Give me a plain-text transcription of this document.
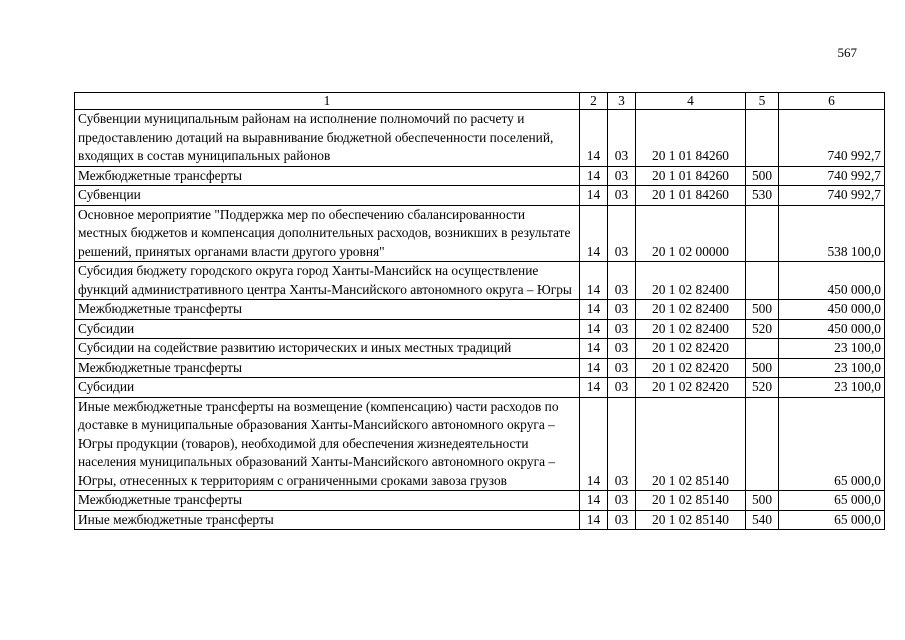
567
1	2	3	4	5	6
Субвенции муниципальным районам на исполнение полномочий по расчету и предоставлению дотаций на выравнивание бюджетной обеспеченности поселений, входящих в состав муниципальных районов	14	03	20 1 01 84260		740 992,7
Межбюджетные трансферты	14	03	20 1 01 84260	500	740 992,7
Субвенции	14	03	20 1 01 84260	530	740 992,7
Основное мероприятие "Поддержка мер по обеспечению сбалансированности местных бюджетов и компенсация дополнительных расходов, возникших в результате решений, принятых органами власти другого уровня"	14	03	20 1 02 00000		538 100,0
Субсидия бюджету городского округа город Ханты-Мансийск на осуществление функций административного центра Ханты-Мансийского автономного округа – Югры	14	03	20 1 02 82400		450 000,0
Межбюджетные трансферты	14	03	20 1 02 82400	500	450 000,0
Субсидии	14	03	20 1 02 82400	520	450 000,0
Субсидии на содействие развитию исторических и иных местных традиций	14	03	20 1 02 82420		23 100,0
Межбюджетные трансферты	14	03	20 1 02 82420	500	23 100,0
Субсидии	14	03	20 1 02 82420	520	23 100,0
Иные межбюджетные трансферты на возмещение (компенсацию) части расходов по доставке в муниципальные образования Ханты-Мансийского автономного округа – Югры продукции (товаров), необходимой для обеспечения жизнедеятельности населения муниципальных образований Ханты-Мансийского автономного округа – Югры, отнесенных к территориям с ограниченными сроками завоза грузов	14	03	20 1 02 85140		65 000,0
Межбюджетные трансферты	14	03	20 1 02 85140	500	65 000,0
Иные межбюджетные трансферты	14	03	20 1 02 85140	540	65 000,0
